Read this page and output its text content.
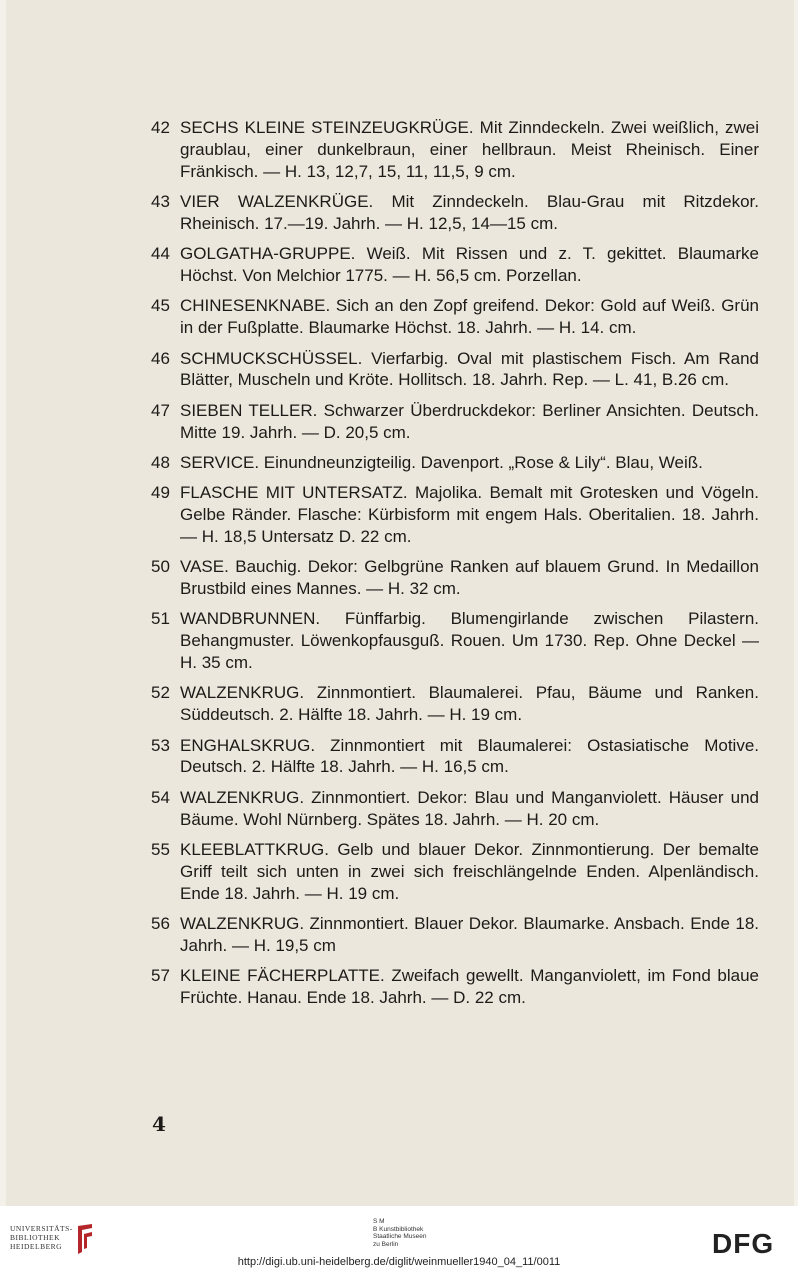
42 SECHS KLEINE STEINZEUGKRÜGE. Mit Zinndeckeln. Zwei weißlich, zwei graublau, einer dunkelbraun, einer hellbraun. Meist Rheinisch. Einer Fränkisch. — H. 13, 12,7, 15, 11, 11,5, 9 cm.
43 VIER WALZENKRÜGE. Mit Zinndeckeln. Blau-Grau mit Ritzdekor. Rheinisch. 17.—19. Jahrh. — H. 12,5, 14—15 cm.
44 GOLGATHA-GRUPPE. Weiß. Mit Rissen und z. T. gekittet. Blaumarke Höchst. Von Melchior 1775. — H. 56,5 cm. Porzellan.
45 CHINESENKNABE. Sich an den Zopf greifend. Dekor: Gold auf Weiß. Grün in der Fußplatte. Blaumarke Höchst. 18. Jahrh. — H. 14. cm.
46 SCHMUCKSCHÜSSEL. Vierfarbig. Oval mit plastischem Fisch. Am Rand Blätter, Muscheln und Kröte. Hollitsch. 18. Jahrh. Rep. — L. 41, B.26 cm.
47 SIEBEN TELLER. Schwarzer Überdruckdekor: Berliner Ansichten. Deutsch. Mitte 19. Jahrh. — D. 20,5 cm.
48 SERVICE. Einundneunzigteilig. Davenport. „Rose & Lily“. Blau, Weiß.
49 FLASCHE MIT UNTERSATZ. Majolika. Bemalt mit Grotesken und Vögeln. Gelbe Ränder. Flasche: Kürbisform mit engem Hals. Oberitalien. 18. Jahrh. — H. 18,5 Untersatz D. 22 cm.
50 VASE. Bauchig. Dekor: Gelbgrüne Ranken auf blauem Grund. In Medaillon Brustbild eines Mannes. — H. 32 cm.
51 WANDBRUNNEN. Fünffarbig. Blumengirlande zwischen Pilastern. Behangmuster. Löwenkopfausguß. Rouen. Um 1730. Rep. Ohne Deckel — H. 35 cm.
52 WALZENKRUG. Zinnmontiert. Blaumalerei. Pfau, Bäume und Ranken. Süddeutsch. 2. Hälfte 18. Jahrh. — H. 19 cm.
53 ENGHALSKRUG. Zinnmontiert mit Blaumalerei: Ostasiatische Motive. Deutsch. 2. Hälfte 18. Jahrh. — H. 16,5 cm.
54 WALZENKRUG. Zinnmontiert. Dekor: Blau und Manganviolett. Häuser und Bäume. Wohl Nürnberg. Spätes 18. Jahrh. — H. 20 cm.
55 KLEEBLATTKRUG. Gelb und blauer Dekor. Zinnmontierung. Der bemalte Griff teilt sich unten in zwei sich freischlängelnde Enden. Alpenländisch. Ende 18. Jahrh. — H. 19 cm.
56 WALZENKRUG. Zinnmontiert. Blauer Dekor. Blaumarke. Ansbach. Ende 18. Jahrh. — H. 19,5 cm
57 KLEINE FÄCHERPLATTE. Zweifach gewellt. Manganviolett, im Fond blaue Früchte. Hanau. Ende 18. Jahrh. — D. 22 cm.
4
UNIVERSITÄTS-
BIBLIOTHEK
HEIDELBERG
S M
B Kunstbibliothek
Staatliche Museen
zu Berlin	DFG
http://digi.ub.uni-heidelberg.de/diglit/weinmueller1940_04_11/0011
